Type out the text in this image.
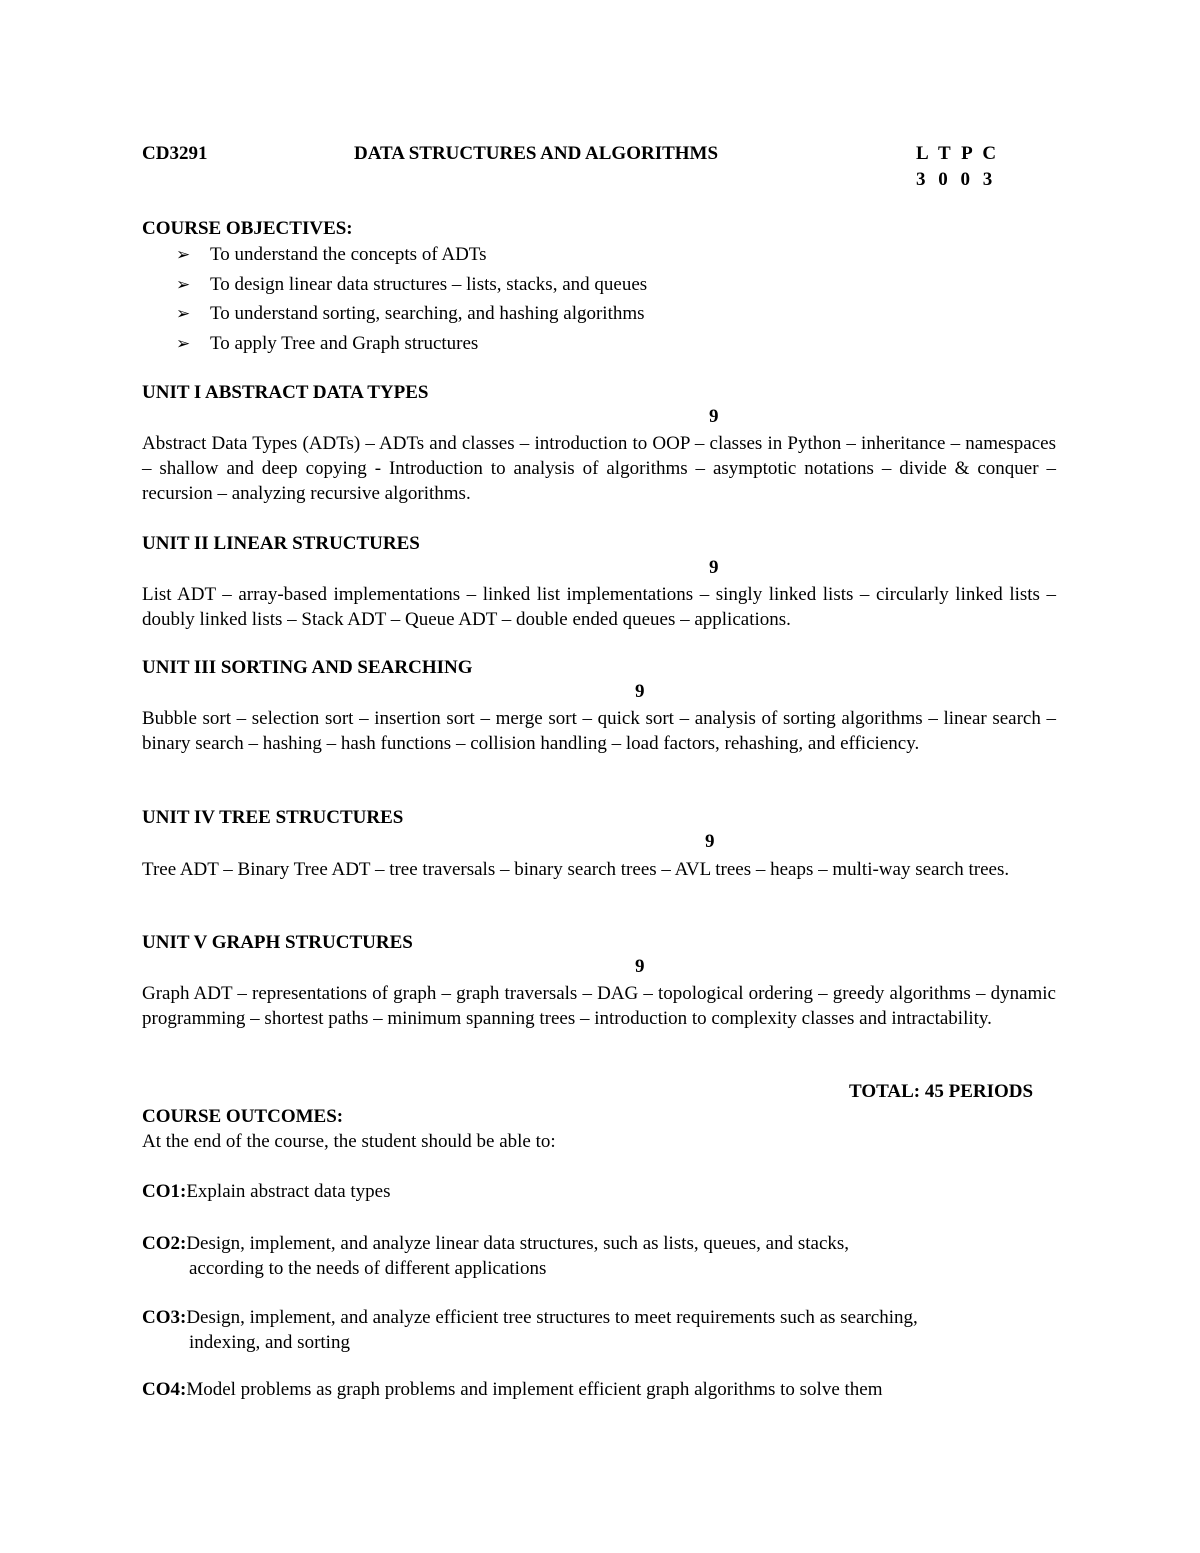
CD3291	DATA STRUCTURES AND ALGORITHMS	L T P C
3 0 0 3
COURSE OBJECTIVES:
➢	To understand the concepts of ADTs
➢	To design linear data structures – lists, stacks, and queues
➢	To understand sorting, searching, and hashing algorithms
➢	To apply Tree and Graph structures
UNIT I ABSTRACT DATA TYPES
9
Abstract Data Types (ADTs) – ADTs and classes – introduction to OOP – classes in Python – inheritance – namespaces – shallow and deep copying - Introduction to analysis of algorithms – asymptotic notations – divide & conquer – recursion – analyzing recursive algorithms.
UNIT II LINEAR STRUCTURES
9
List ADT – array-based implementations – linked list implementations – singly linked lists – circularly linked lists – doubly linked lists – Stack ADT – Queue ADT – double ended queues – applications.
UNIT III SORTING AND SEARCHING
9
Bubble sort – selection sort – insertion sort – merge sort – quick sort – analysis of sorting algorithms – linear search – binary search – hashing – hash functions – collision handling – load factors, rehashing, and efficiency.
UNIT IV TREE STRUCTURES
9
Tree ADT – Binary Tree ADT – tree traversals – binary search trees – AVL trees – heaps – multi-way search trees.
UNIT V GRAPH STRUCTURES
9
Graph ADT – representations of graph – graph traversals – DAG – topological ordering – greedy algorithms – dynamic programming – shortest paths – minimum spanning trees – introduction to complexity classes and intractability.
TOTAL: 45 PERIODS
COURSE OUTCOMES:
At the end of the course, the student should be able to:
CO1:Explain abstract data types
CO2:Design, implement, and analyze linear data structures, such as lists, queues, and stacks,
according to the needs of different applications
CO3:Design, implement, and analyze efficient tree structures to meet requirements such as searching,
indexing, and sorting
CO4:Model problems as graph problems and implement efficient graph algorithms to solve them
